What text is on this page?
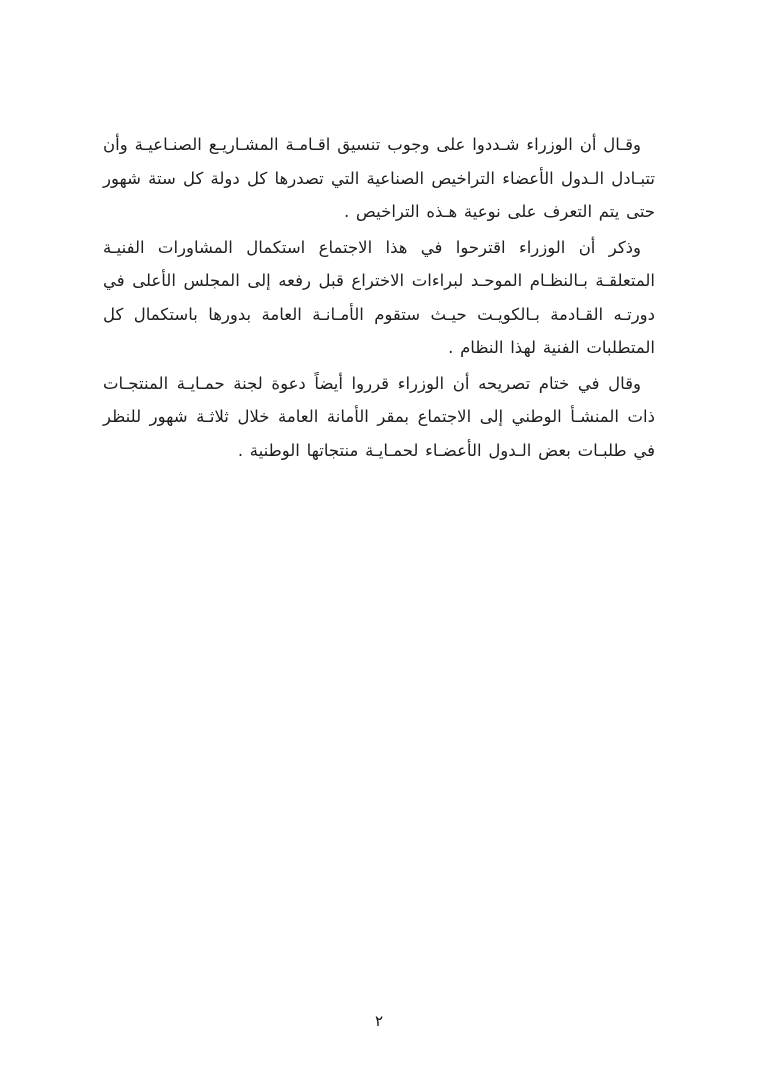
وقـال أن الوزراء شـددوا على وجوب تنسيق اقـامـة المشـاريـع الصنـاعيـة وأن تتبـادل الـدول الأعضاء التراخيص الصناعية التي تصدرها كل دولة كل ستة شهور حتى يتم التعرف على نوعية هـذه التراخيص .

وذكر أن الوزراء اقترحوا في هذا الاجتماع استكمال المشاورات الفنيـة المتعلقـة بـالنظـام الموحـد لبراءات الاختراع قبل رفعه إلى المجلس الأعلى في دورتـه القـادمة بـالكويـت حيـث ستقوم الأمـانـة العامة بدورها باستكمال كل المتطلبات الفنية لهذا النظام .

وقال في ختام تصريحه أن الوزراء قرروا أيضاً دعوة لجنة حمـايـة المنتجـات ذات المنشـأ الوطني إلى الاجتماع بمقر الأمانة العامة خلال ثلاثـة شهور للنظر في طلبـات بعض الـدول الأعضـاء لحمـايـة منتجاتها الوطنية .

٢
